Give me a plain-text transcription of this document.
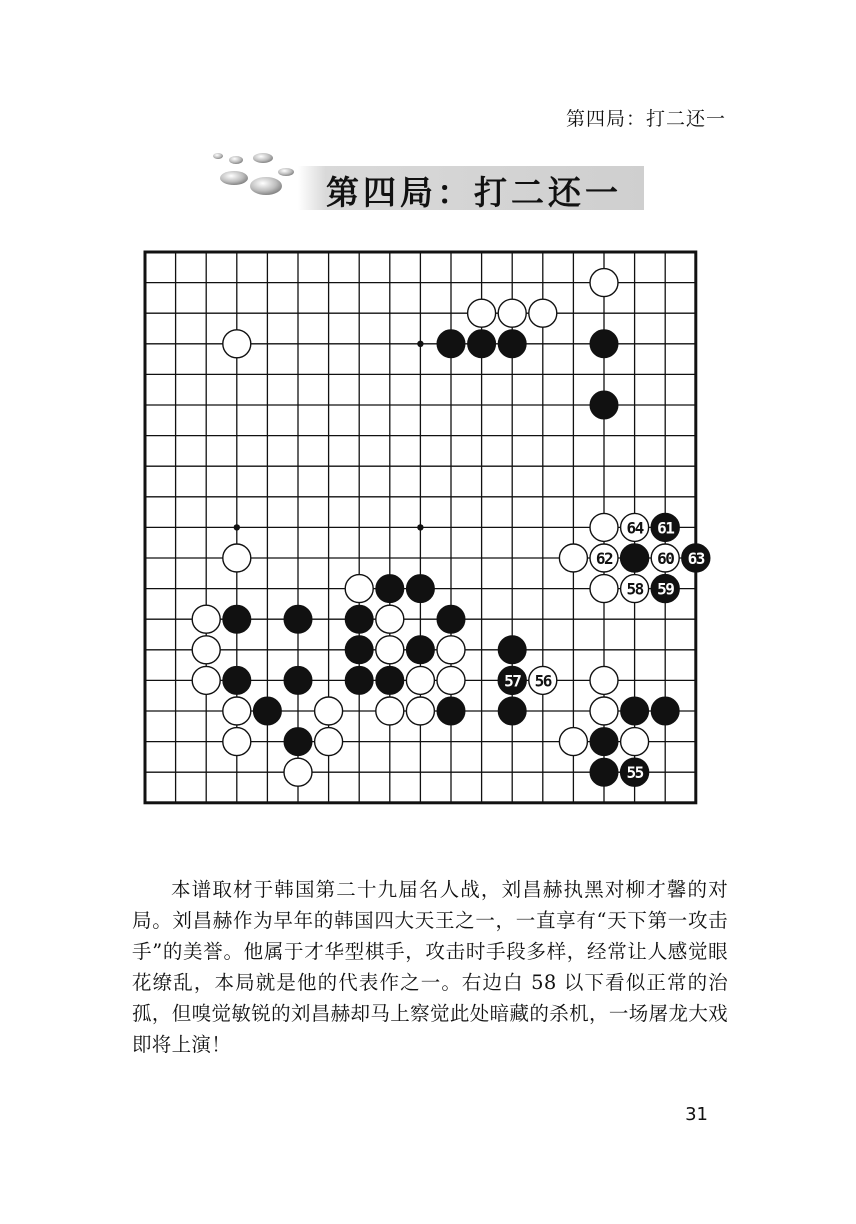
第四局：打二还一
第四局：打二还一
55
56
57
58 59
60
61
62	63
64

本谱取材于韩国第二十九届名人战，刘昌赫执黑对柳才馨的对局。刘昌赫作为早年的韩国四大天王之一，一直享有“天下第一攻击手”的美誉。他属于才华型棋手，攻击时手段多样，经常让人感觉眼花缭乱，本局就是他的代表作之一。右边白 58 以下看似正常的治孤，但嗅觉敏锐的刘昌赫却马上察觉此处暗藏的杀机，一场屠龙大戏即将上演！

31
